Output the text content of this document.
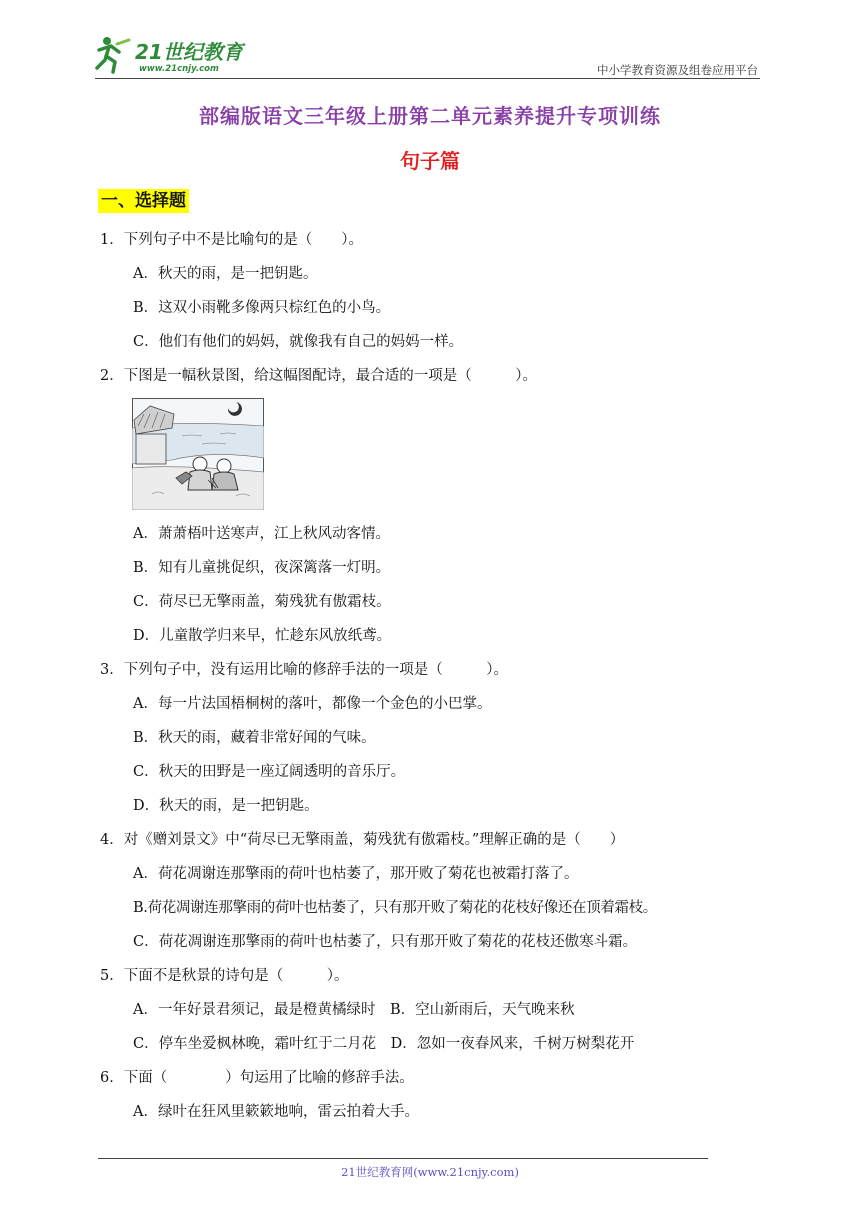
21世纪教育
www.21cnjy.com	中小学教育资源及组卷应用平台
部编版语文三年级上册第二单元素养提升专项训练
句子篇
一、选择题
1．下列句子中不是比喻句的是（　　）。
A．秋天的雨，是一把钥匙。
B．这双小雨靴多像两只棕红色的小鸟。
C．他们有他们的妈妈，就像我有自己的妈妈一样。
2．下图是一幅秋景图，给这幅图配诗，最合适的一项是（　　　）。
A．萧萧梧叶送寒声，江上秋风动客情。
B．知有儿童挑促织，夜深篱落一灯明。
C．荷尽已无擎雨盖，菊残犹有傲霜枝。
D．儿童散学归来早，忙趁东风放纸鸢。
3．下列句子中，没有运用比喻的修辞手法的一项是（　　　）。
A．每一片法国梧桐树的落叶，都像一个金色的小巴掌。
B．秋天的雨，藏着非常好闻的气味。
C．秋天的田野是一座辽阔透明的音乐厅。
D．秋天的雨，是一把钥匙。
4．对《赠刘景文》中“荷尽已无擎雨盖，菊残犹有傲霜枝。”理解正确的是（　　）
A．荷花凋谢连那擎雨的荷叶也枯萎了，那开败了菊花也被霜打落了。
B.荷花凋谢连那擎雨的荷叶也枯萎了，只有那开败了菊花的花枝好像还在顶着霜枝。
C．荷花凋谢连那擎雨的荷叶也枯萎了，只有那开败了菊花的花枝还傲寒斗霜。
5．下面不是秋景的诗句是（　　　）。
A．一年好景君须记，最是橙黄橘绿时　B．空山新雨后，天气晚来秋
C．停车坐爱枫林晚，霜叶红于二月花　D．忽如一夜春风来，千树万树梨花开
6．下面（　　　　）句运用了比喻的修辞手法。
A．绿叶在狂风里簌簌地响，雷云拍着大手。
21世纪教育网(www.21cnjy.com)
